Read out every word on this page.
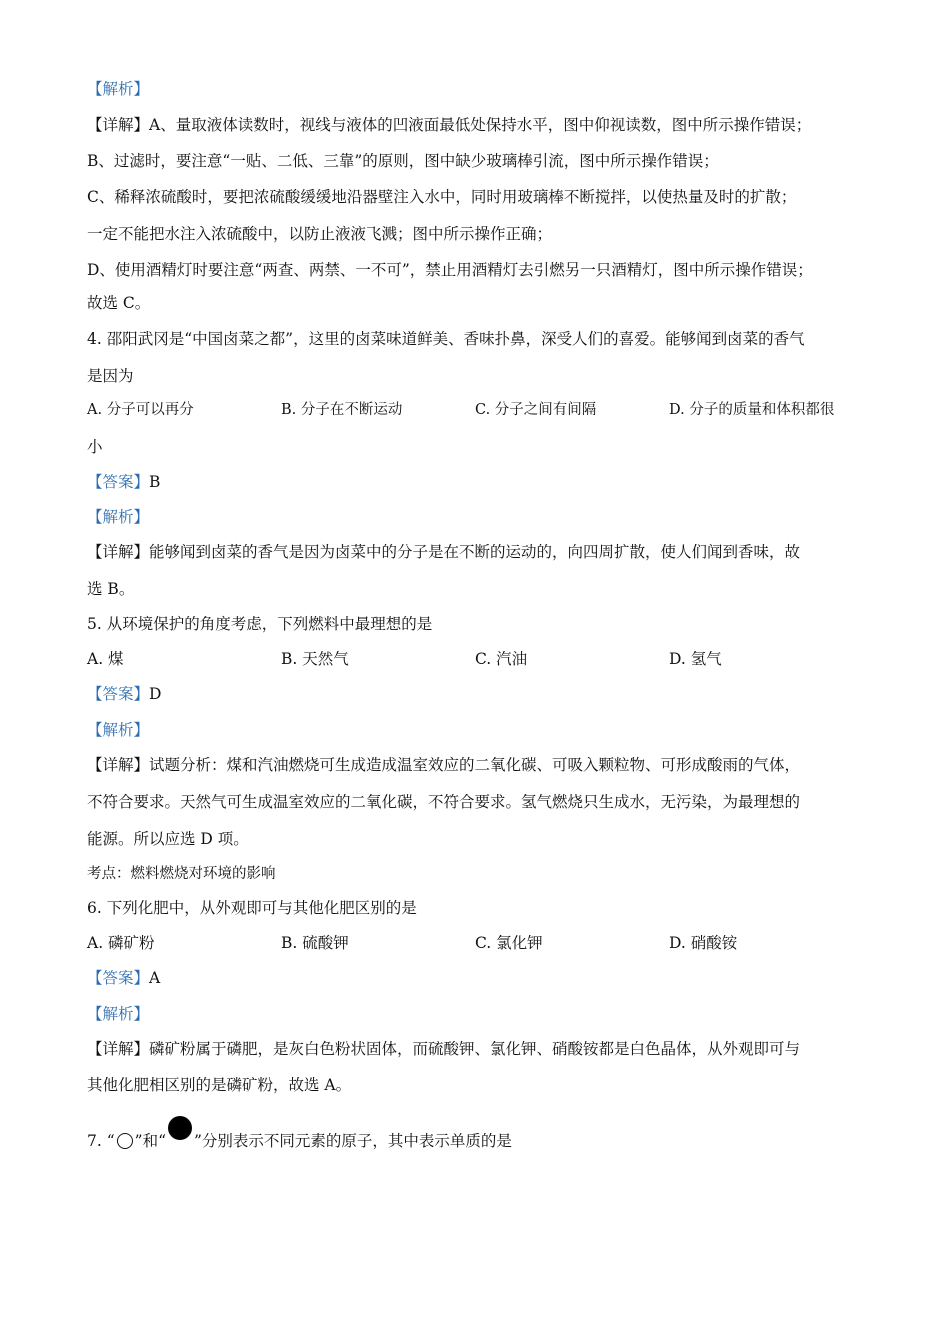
【解析】
【详解】A、量取液体读数时，视线与液体的凹液面最低处保持水平，图中仰视读数，图中所示操作错误；
B、过滤时，要注意“一贴、二低、三靠”的原则，图中缺少玻璃棒引流，图中所示操作错误；
C、稀释浓硫酸时，要把浓硫酸缓缓地沿器壁注入水中，同时用玻璃棒不断搅拌，以使热量及时的扩散；
一定不能把水注入浓硫酸中，以防止液液飞溅；图中所示操作正确；
D、使用酒精灯时要注意“两查、两禁、一不可”，禁止用酒精灯去引燃另一只酒精灯，图中所示操作错误；
故选 C。
4. 邵阳武冈是“中国卤菜之都”，这里的卤菜味道鲜美、香味扑鼻，深受人们的喜爱。能够闻到卤菜的香气
是因为
A. 分子可以再分	B. 分子在不断运动	C. 分子之间有间隔	D. 分子的质量和体积都很
小
【答案】B
【解析】
【详解】能够闻到卤菜的香气是因为卤菜中的分子是在不断的运动的，向四周扩散，使人们闻到香味，故
选 B。
5. 从环境保护的角度考虑，下列燃料中最理想的是
A. 煤	B. 天然气	C. 汽油	D. 氢气
【答案】D
【解析】
【详解】试题分析：煤和汽油燃烧可生成造成温室效应的二氧化碳、可吸入颗粒物、可形成酸雨的气体，
不符合要求。天然气可生成温室效应的二氧化碳，不符合要求。氢气燃烧只生成水，无污染，为最理想的
能源。所以应选 D 项。
考点：燃料燃烧对环境的影响
6. 下列化肥中，从外观即可与其他化肥区别的是
A. 磷矿粉	B. 硫酸钾	C. 氯化钾	D. 硝酸铵
【答案】A
【解析】
【详解】磷矿粉属于磷肥，是灰白色粉状固体，而硫酸钾、氯化钾、硝酸铵都是白色晶体，从外观即可与
其他化肥相区别的是磷矿粉，故选 A。
7. “ ”和“ ”分别表示不同元素的原子，其中表示单质的是
